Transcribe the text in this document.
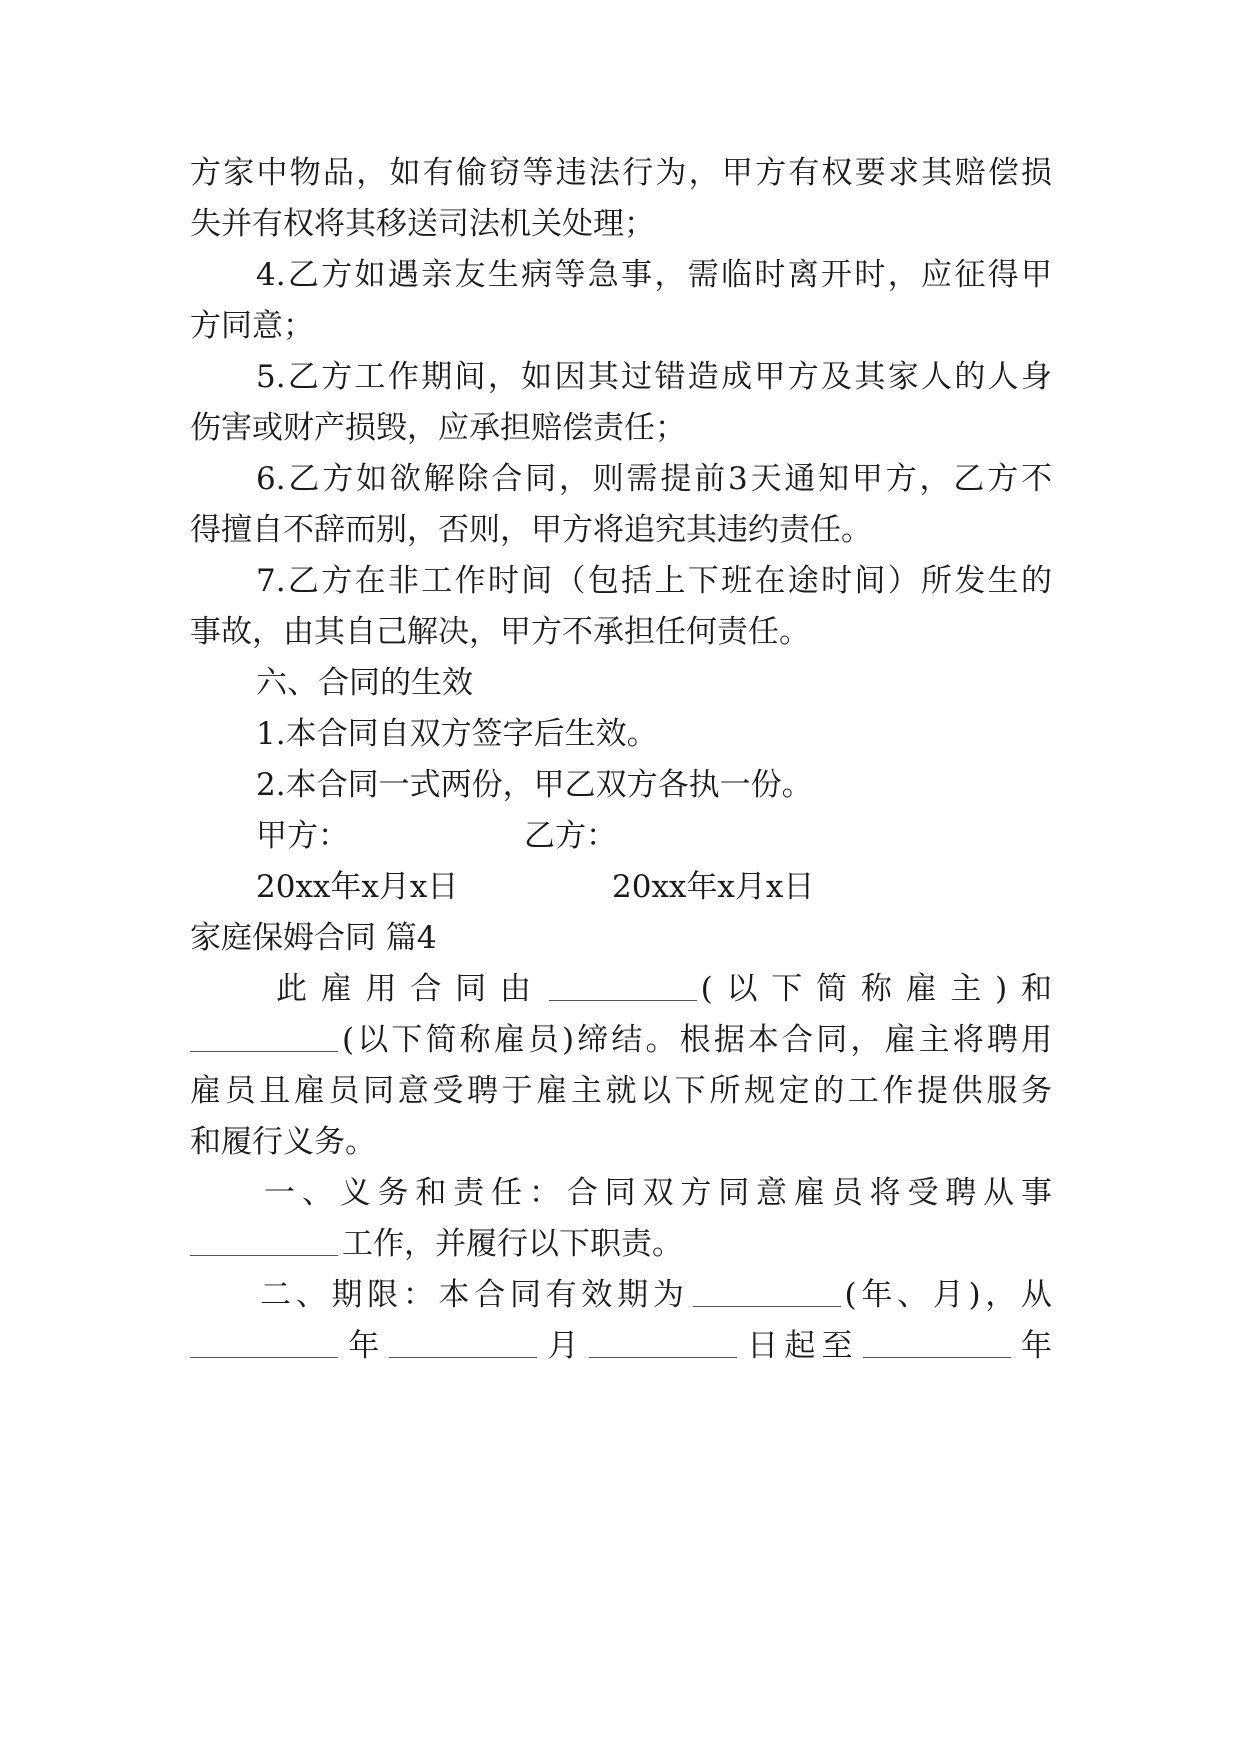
方家中物品，如有偷窃等违法行为，甲方有权要求其赔偿损
失并有权将其移送司法机关处理；
4.乙方如遇亲友生病等急事，需临时离开时，应征得甲
方同意；
5.乙方工作期间，如因其过错造成甲方及其家人的人身
伤害或财产损毁，应承担赔偿责任；
6.乙方如欲解除合同，则需提前3天通知甲方，乙方不
得擅自不辞而别，否则，甲方将追究其违约责任。
7.乙方在非工作时间（包括上下班在途时间）所发生的
事故，由其自己解决，甲方不承担任何责任。
六、合同的生效
1.本合同自双方签字后生效。
2.本合同一式两份，甲乙双方各执一份。
甲方：	乙方：
20xx年x月x日	20xx年x月x日
家庭保姆合同 篇4
此雇用合同由	(以下简称雇主)和
(以下简称雇员)缔结。根据本合同，雇主将聘用
雇员且雇员同意受聘于雇主就以下所规定的工作提供服务
和履行义务。
一、义务和责任：合同双方同意雇员将受聘从事
工作，并履行以下职责。
二、期限：本合同有效期为	(年、月)，从
年	月	日起至	年
